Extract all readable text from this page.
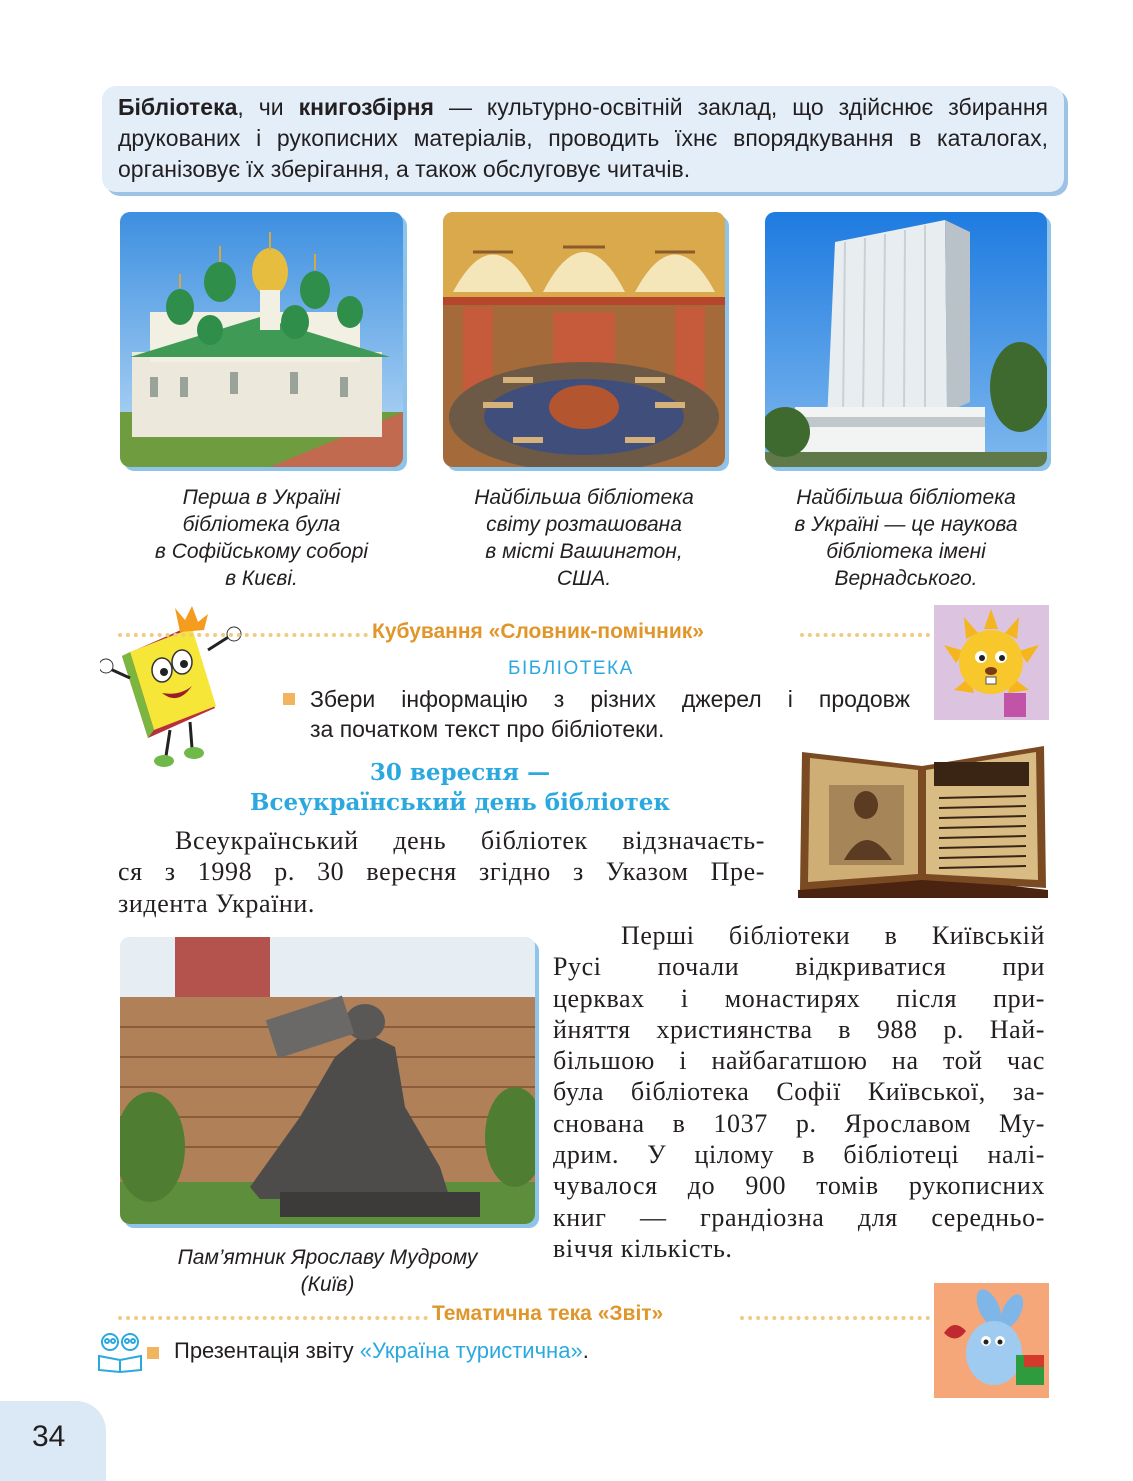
Бібліотека, чи книгозбірня — культурно-освітній заклад, що здійснює збирання друкованих і рукописних матеріалів, проводить їхнє впорядкування в каталогах, організовує їх зберігання, а також обслуговує читачів.
Перша в Україні
бібліотека була
в Софійському соборі
в Києві.
Найбільша бібліотека
світу розташована
в місті Вашингтон,
США.
Найбільша бібліотека
в Україні — це наукова
бібліотека імені
Вернадського.
Кубування «Словник-помічник»
БІБЛІОТЕКА
Збери інформацію з різних джерел і продовж
за початком текст про бібліотеки.
30 вересня —
Всеукраїнський день бібліотек
Всеукраїнський день бібліотек відзначаєть-
ся з 1998 р. 30 вересня згідно з Указом Пре-
зидента України.
Пам’ятник Ярославу Мудрому
(Київ)
Перші бібліотеки в Київській
Русі почали відкриватися при
церквах і монастирях після при-
йняття християнства в 988 р. Най-
більшою і найбагатшою на той час
була бібліотека Софії Київської, за-
снована в 1037 р. Ярославом Му-
дрим. У цілому в бібліотеці налі-
чувалося до 900 томів рукописних
книг — грандіозна для середньо-
віччя кількість.
Тематична тека «Звіт»
Презентація звіту «Україна туристична».
34
